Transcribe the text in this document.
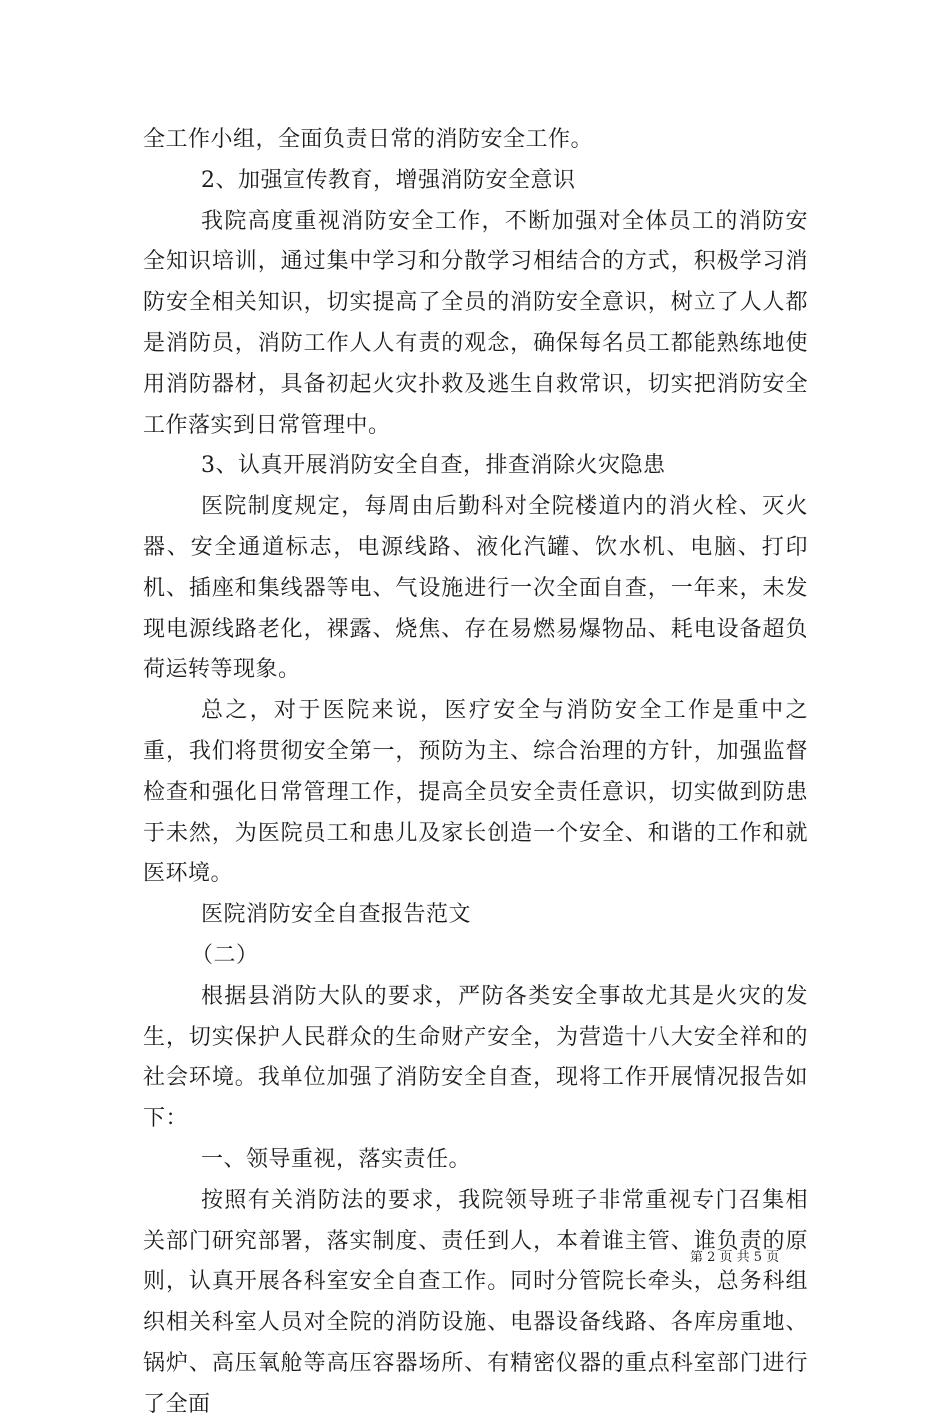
全工作小组，全面负责日常的消防安全工作。

2、加强宣传教育，增强消防安全意识

我院高度重视消防安全工作，不断加强对全体员工的消防安全知识培训，通过集中学习和分散学习相结合的方式，积极学习消防安全相关知识，切实提高了全员的消防安全意识，树立了人人都是消防员，消防工作人人有责的观念，确保每名员工都能熟练地使用消防器材，具备初起火灾扑救及逃生自救常识，切实把消防安全工作落实到日常管理中。

3、认真开展消防安全自查，排查消除火灾隐患

医院制度规定，每周由后勤科对全院楼道内的消火栓、灭火器、安全通道标志，电源线路、液化汽罐、饮水机、电脑、打印机、插座和集线器等电、气设施进行一次全面自查，一年来，未发现电源线路老化，裸露、烧焦、存在易燃易爆物品、耗电设备超负荷运转等现象。

总之，对于医院来说，医疗安全与消防安全工作是重中之重，我们将贯彻安全第一，预防为主、综合治理的方针，加强监督检查和强化日常管理工作，提高全员安全责任意识，切实做到防患于未然，为医院员工和患儿及家长创造一个安全、和谐的工作和就医环境。

医院消防安全自查报告范文

（二）

根据县消防大队的要求，严防各类安全事故尤其是火灾的发生，切实保护人民群众的生命财产安全，为营造十八大安全祥和的社会环境。我单位加强了消防安全自查，现将工作开展情况报告如下：

一、领导重视，落实责任。

按照有关消防法的要求，我院领导班子非常重视专门召集相关部门研究部署，落实制度、责任到人，本着谁主管、谁负责的原则，认真开展各科室安全自查工作。同时分管院长牵头，总务科组织相关科室人员对全院的消防设施、电器设备线路、各库房重地、锅炉、高压氧舱等高压容器场所、有精密仪器的重点科室部门进行了全面

第 2 页 共 5 页
